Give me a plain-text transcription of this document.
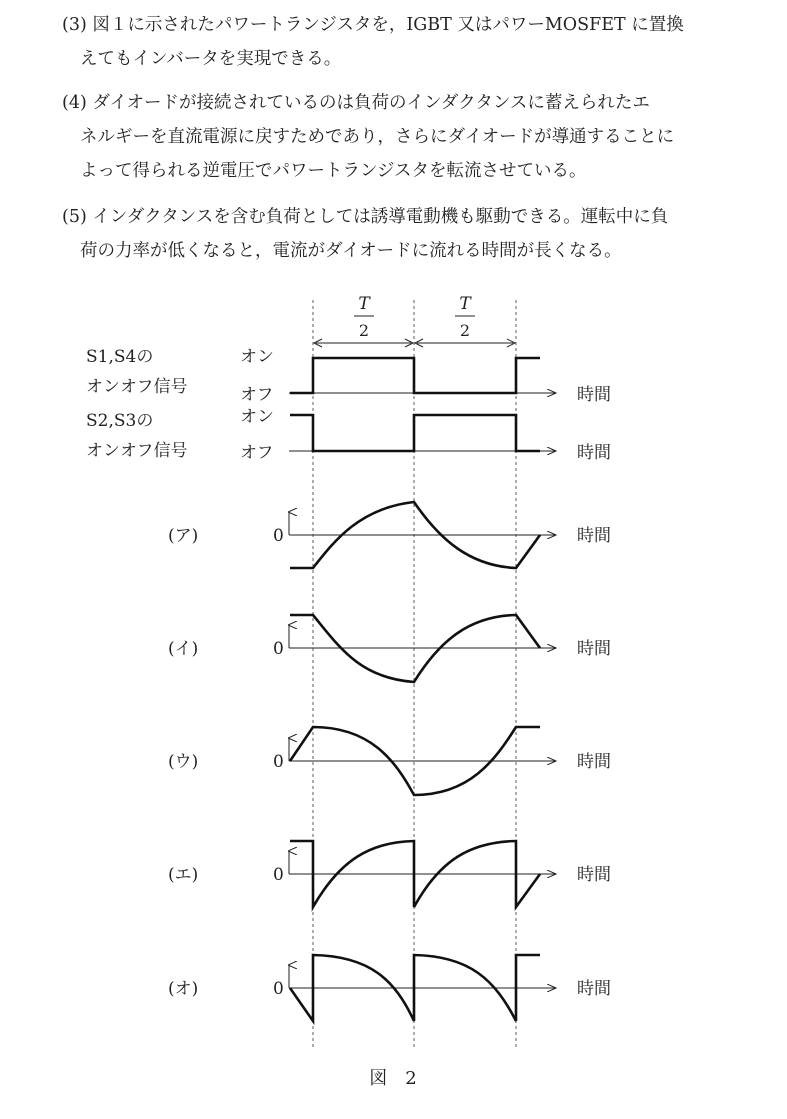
(3) 図１に示されたパワートランジスタを，IGBT 又はパワーMOSFET に置換
えてもインバータを実現できる。
(4) ダイオードが接続されているのは負荷のインダクタンスに蓄えられたエ
ネルギーを直流電源に戻すためであり，さらにダイオードが導通することに
よって得られる逆電圧でパワートランジスタを転流させている。
(5) インダクタンスを含む負荷としては誘導電動機も駆動できる。運転中に負
荷の力率が低くなると，電流がダイオードに流れる時間が長くなる。
T
2
T
2
S1,S4の
オンオフ信号
S2,S3の
オンオフ信号
オン
オフ
オン
オフ
時間
時間
(ア)	0	時間
(イ)	0	時間
(ウ)	0	時間
(エ)	0	時間
(オ)	0	時間
図　2
